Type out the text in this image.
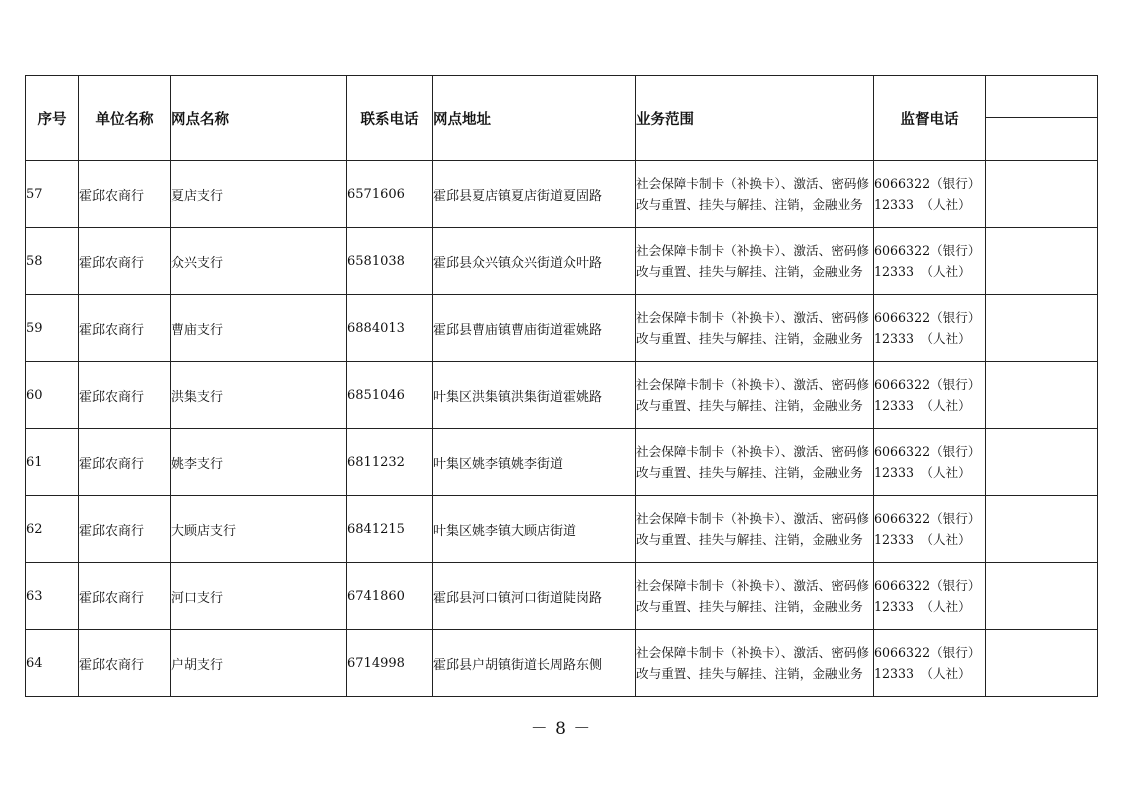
序号	单位名称	网点名称	联系电话	网点地址	业务范围	监督电话	

57	霍邱农商行	夏店支行	6571606	霍邱县夏店镇夏店街道夏固路	社会保障卡制卡（补换卡）、激活、密码修改与重置、挂失与解挂、注销，金融业务	6066322（银行）
12333　（人社）	

58	霍邱农商行	众兴支行	6581038	霍邱县众兴镇众兴街道众叶路	社会保障卡制卡（补换卡）、激活、密码修改与重置、挂失与解挂、注销，金融业务	6066322（银行）
12333　（人社）	

59	霍邱农商行	曹庙支行	6884013	霍邱县曹庙镇曹庙街道霍姚路	社会保障卡制卡（补换卡）、激活、密码修改与重置、挂失与解挂、注销，金融业务	6066322（银行）
12333　（人社）	

60	霍邱农商行	洪集支行	6851046	叶集区洪集镇洪集街道霍姚路	社会保障卡制卡（补换卡）、激活、密码修改与重置、挂失与解挂、注销，金融业务	6066322（银行）
12333　（人社）	

61	霍邱农商行	姚李支行	6811232	叶集区姚李镇姚李街道	社会保障卡制卡（补换卡）、激活、密码修改与重置、挂失与解挂、注销，金融业务	6066322（银行）
12333　（人社）	

62	霍邱农商行	大顾店支行	6841215	叶集区姚李镇大顾店街道	社会保障卡制卡（补换卡）、激活、密码修改与重置、挂失与解挂、注销，金融业务	6066322（银行）
12333　（人社）	

63	霍邱农商行	河口支行	6741860	霍邱县河口镇河口街道陡岗路	社会保障卡制卡（补换卡）、激活、密码修改与重置、挂失与解挂、注销，金融业务	6066322（银行）
12333　（人社）	

64	霍邱农商行	户胡支行	6714998	霍邱县户胡镇街道长周路东侧	社会保障卡制卡（补换卡）、激活、密码修改与重置、挂失与解挂、注销，金融业务	6066322（银行）
12333　（人社）	

－ 8 －
